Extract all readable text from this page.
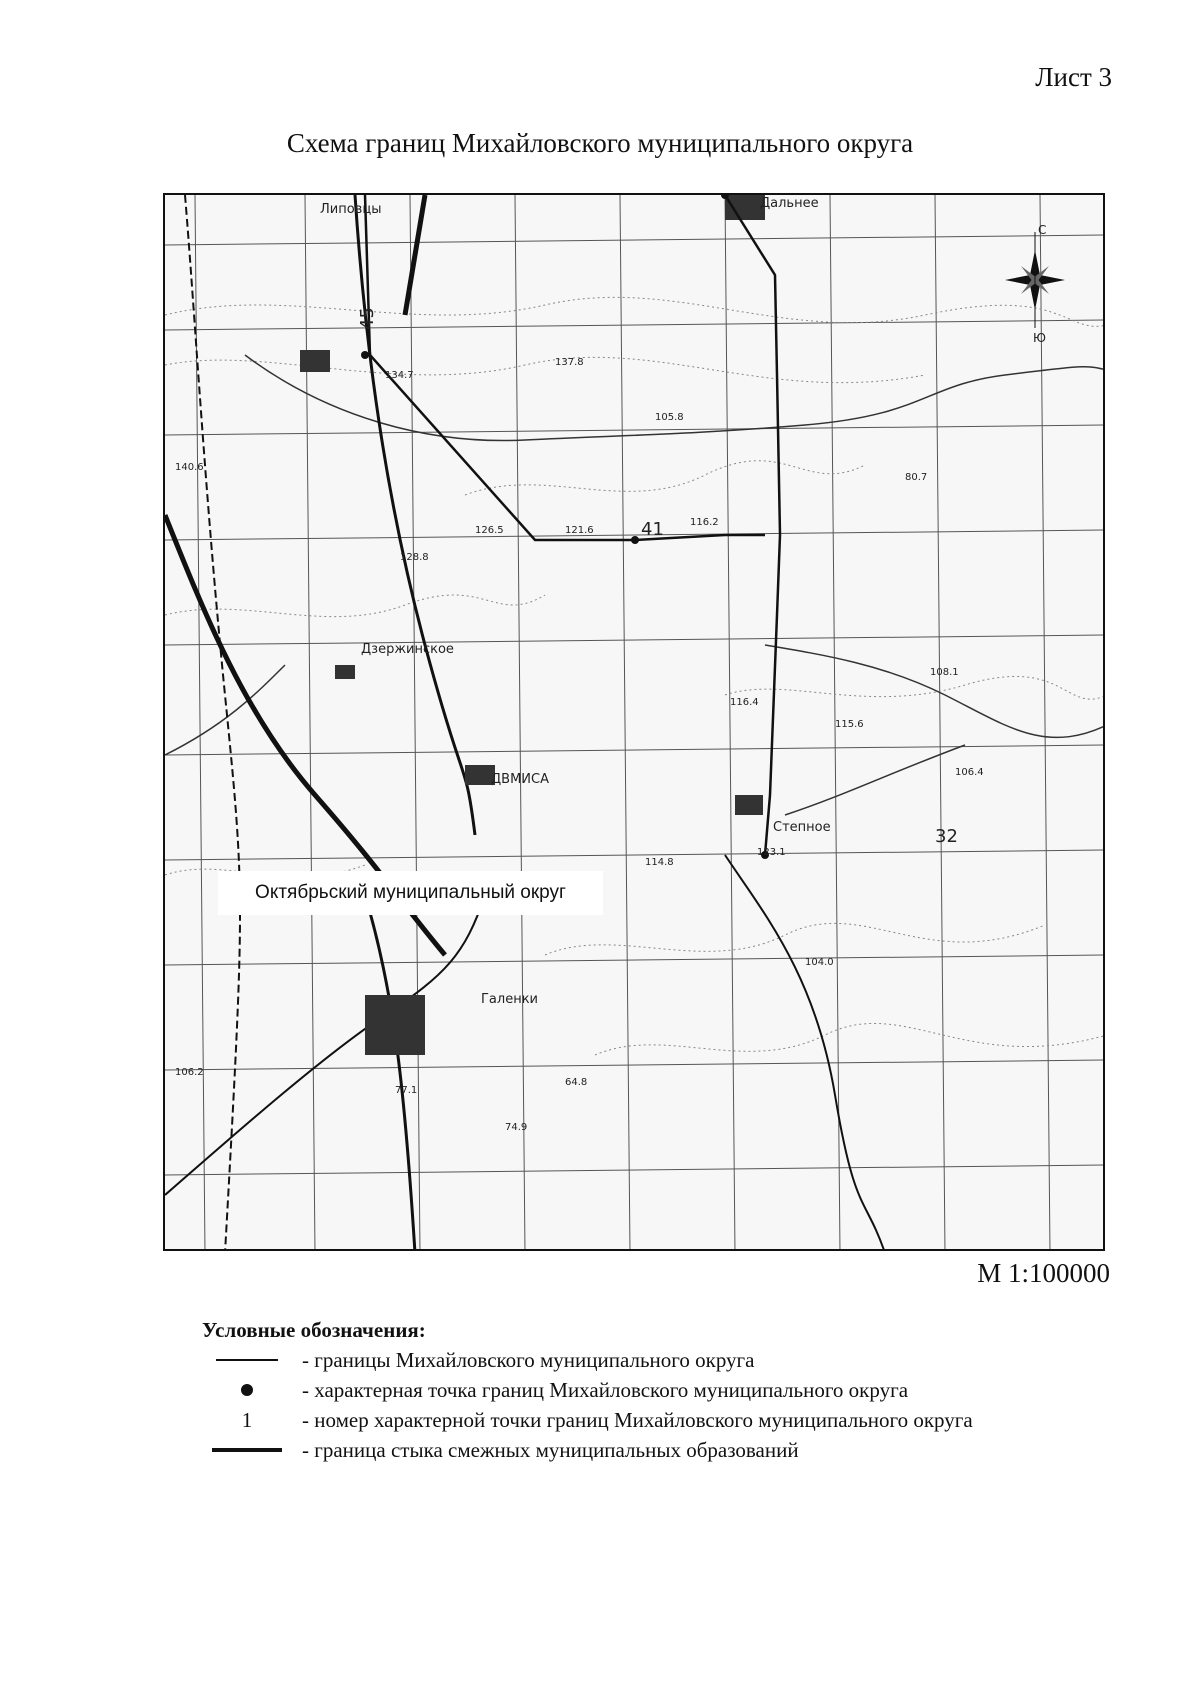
Лист 3
Схема границ Михайловского муниципального округа
41
45
32
Липовцы	Дальнее
Дзержинское
Степное
Галенки
ДВМИСА
126.5	121.6
116.2
128.8
140.6
137.8
105.8
123.1
114.8
116.4
106.4
108.1
115.6
104.0
77.1
74.9
64.8
106.2
80.7
134.7
С
Ю
Октябрьский муниципальный округ
М 1:100000
Условные обозначения:
- границы Михайловского муниципального округа
- характерная точка границ Михайловского муниципального округа
1 - номер характерной точки границ Михайловского муниципального округа
- граница стыка смежных муниципальных образований
